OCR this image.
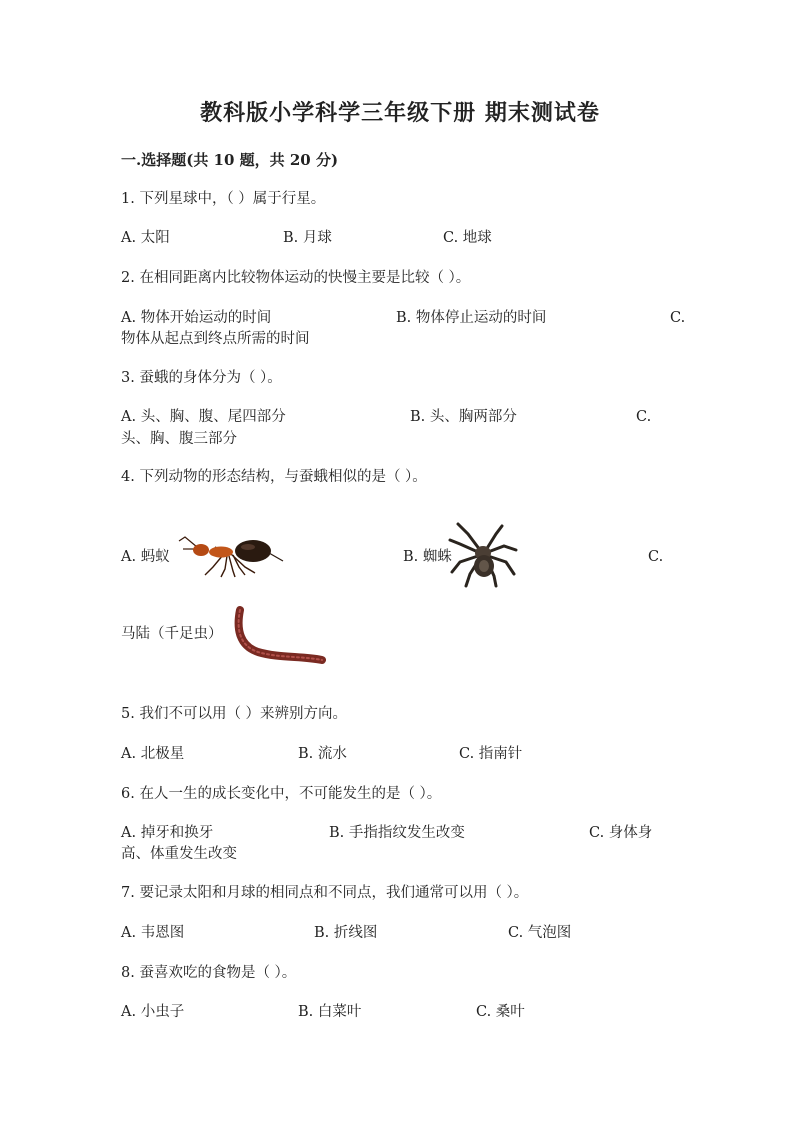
教科版小学科学三年级下册 期末测试卷
一.选择题(共 10 题，共 20 分)
1. 下列星球中，（ ）属于行星。
A. 太阳	B. 月球	C. 地球
2. 在相同距离内比较物体运动的快慢主要是比较（ ）。
A. 物体开始运动的时间	B. 物体停止运动的时间	C.
物体从起点到终点所需的时间
3. 蚕蛾的身体分为（ ）。
A. 头、胸、腹、尾四部分	B. 头、胸两部分	C.
头、胸、腹三部分
4. 下列动物的形态结构，与蚕蛾相似的是（ ）。
A. 蚂蚁	B. 蜘蛛	C.
马陆（千足虫）
5. 我们不可以用（ ）来辨别方向。
A. 北极星	B. 流水	C. 指南针
6. 在人一生的成长变化中，不可能发生的是（ ）。
A. 掉牙和换牙	B. 手指指纹发生改变	C. 身体身
高、体重发生改变
7. 要记录太阳和月球的相同点和不同点，我们通常可以用（ ）。
A. 韦恩图	B. 折线图	C. 气泡图
8. 蚕喜欢吃的食物是（ ）。
A. 小虫子	B. 白菜叶	C. 桑叶
